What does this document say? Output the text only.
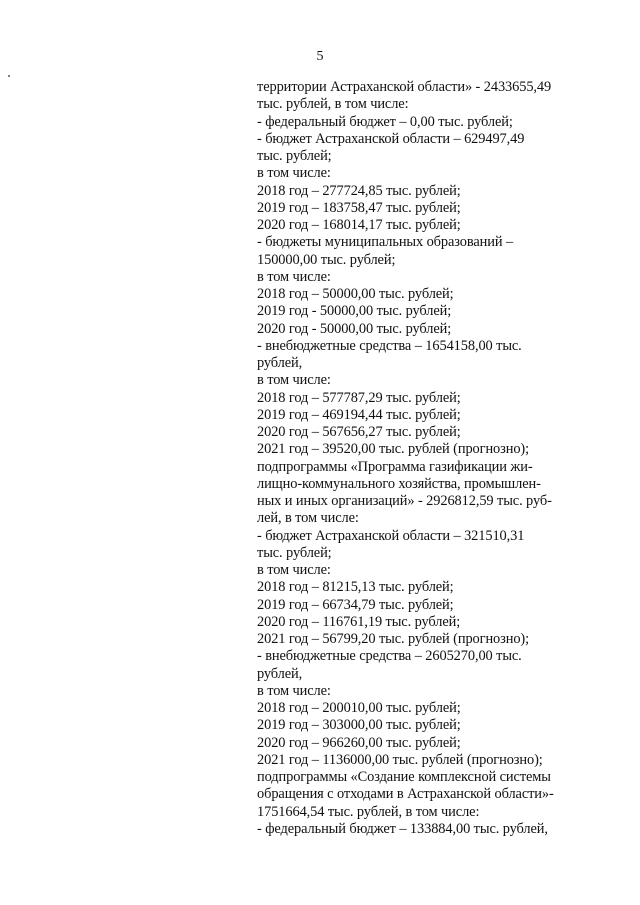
5
территории Астраханской области» - 2433655,49
тыс. рублей, в том числе:
- федеральный бюджет – 0,00 тыс. рублей;
- бюджет Астраханской области – 629497,49
тыс. рублей;
в том числе:
2018 год – 277724,85 тыс. рублей;
2019 год – 183758,47 тыс. рублей;
2020 год – 168014,17 тыс. рублей;
- бюджеты муниципальных образований –
150000,00 тыс. рублей;
в том числе:
2018 год – 50000,00 тыс. рублей;
2019 год - 50000,00 тыс. рублей;
2020 год - 50000,00 тыс. рублей;
- внебюджетные средства – 1654158,00 тыс.
рублей,
в том числе:
2018 год – 577787,29 тыс. рублей;
2019 год – 469194,44 тыс. рублей;
2020 год – 567656,27 тыс. рублей;
2021 год – 39520,00 тыс. рублей (прогнозно);
подпрограммы «Программа газификации жи-
лищно-коммунального хозяйства, промышлен-
ных и иных организаций» - 2926812,59 тыс. руб-
лей, в том числе:
- бюджет Астраханской области – 321510,31
тыс. рублей;
в том числе:
2018 год – 81215,13 тыс. рублей;
2019 год – 66734,79 тыс. рублей;
2020 год – 116761,19 тыс. рублей;
2021 год – 56799,20 тыс. рублей (прогнозно);
- внебюджетные средства – 2605270,00 тыс.
рублей,
в том числе:
2018 год – 200010,00 тыс. рублей;
2019 год – 303000,00 тыс. рублей;
2020 год – 966260,00 тыс. рублей;
2021 год – 1136000,00 тыс. рублей (прогнозно);
подпрограммы «Создание комплексной системы
обращения с отходами в Астраханской области»-
1751664,54 тыс. рублей, в том числе:
- федеральный бюджет – 133884,00 тыс. рублей,
